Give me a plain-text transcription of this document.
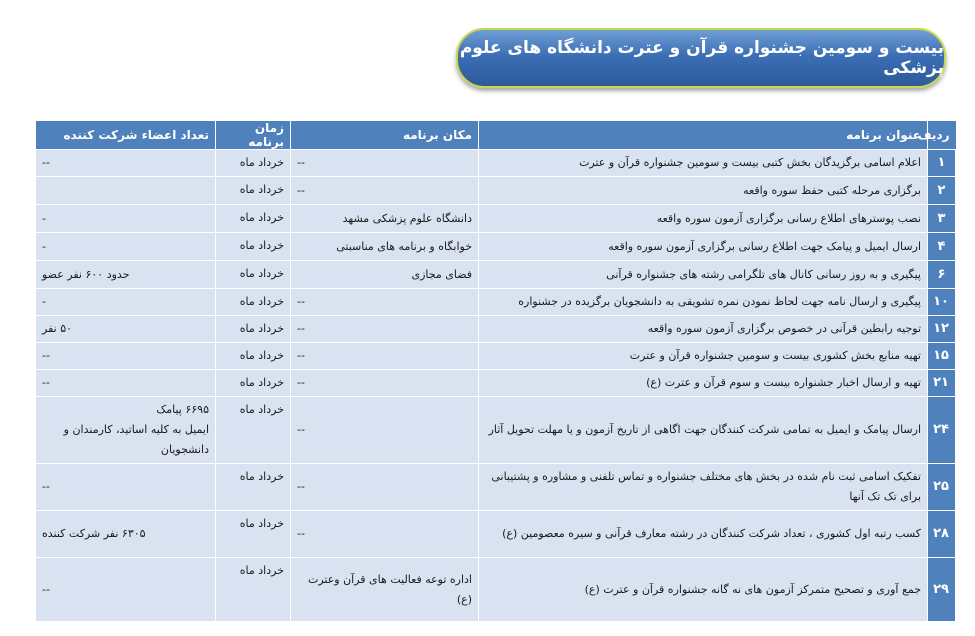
بیست و سومین جشنواره قرآن و عترت دانشگاه های علوم پزشکی
ردیف	عنوان برنامه	مکان برنامه	زمان برنامه	تعداد اعضاء شرکت کننده
۱	اعلام اسامی برگزیدگان بخش کتبی بیست و سومین جشنواره قرآن و عترت	--	خرداد ماه	--
۲	برگزاری مرحله کتبی حفظ سوره واقعه	--	خرداد ماه	
۳	نصب پوسترهای اطلاع رسانی برگزاری آزمون سوره واقعه	دانشگاه علوم پزشکی مشهد	خرداد ماه	-
۴	ارسال ایمیل و پیامک جهت اطلاع رسانی برگزاری آزمون سوره واقعه	خوابگاه و برنامه های مناسبتی	خرداد ماه	-
۶	پیگیری و به روز رسانی کانال های تلگرامی رشته های جشنواره قرآنی	فضای مجازی	خرداد ماه	حدود ۶۰۰ نفر عضو
۱۰	پیگیری و ارسال نامه جهت لحاظ نمودن نمره تشویقی به دانشجویان برگزیده در جشنواره	--	خرداد ماه	-
۱۲	توجیه رابطین قرآنی در خصوص برگزاری آزمون سوره واقعه	--	خرداد ماه	۵۰ نفر
۱۵	تهیه منابع بخش کشوری بیست و سومین جشنواره قرآن و عترت	--	خرداد ماه	--
۲۱	تهیه و ارسال اخبار جشنواره بیست و سوم قرآن و عترت (ع)	--	خرداد ماه	--
۲۴	ارسال پیامک و ایمیل به تمامی شرکت کنندگان جهت اگاهی از تاریخ آزمون و یا مهلت تحویل آثار	--	خرداد ماه	۶۶۹۵ پیامک
ایمیل به کلیه اساتید، کارمندان و دانشجویان
۲۵	تفکیک اسامی ثبت نام شده در بخش های مختلف جشنواره و تماس تلفنی و مشاوره و پشتیبانی برای تک تک آنها	--	خرداد ماه	--
۲۸	کسب رتبه اول کشوری ، تعداد شرکت کنندگان در رشته معارف قرآنی و سیره معصومین (ع)	--	خرداد ماه	۶۳۰۵ نفر شرکت کننده
۲۹	جمع آوری و تصحیح متمرکز آزمون های نه گانه جشنواره قرآن و عترت (ع)	اداره توعه فعالیت های قرآن وعترت (ع)	خرداد ماه	--
